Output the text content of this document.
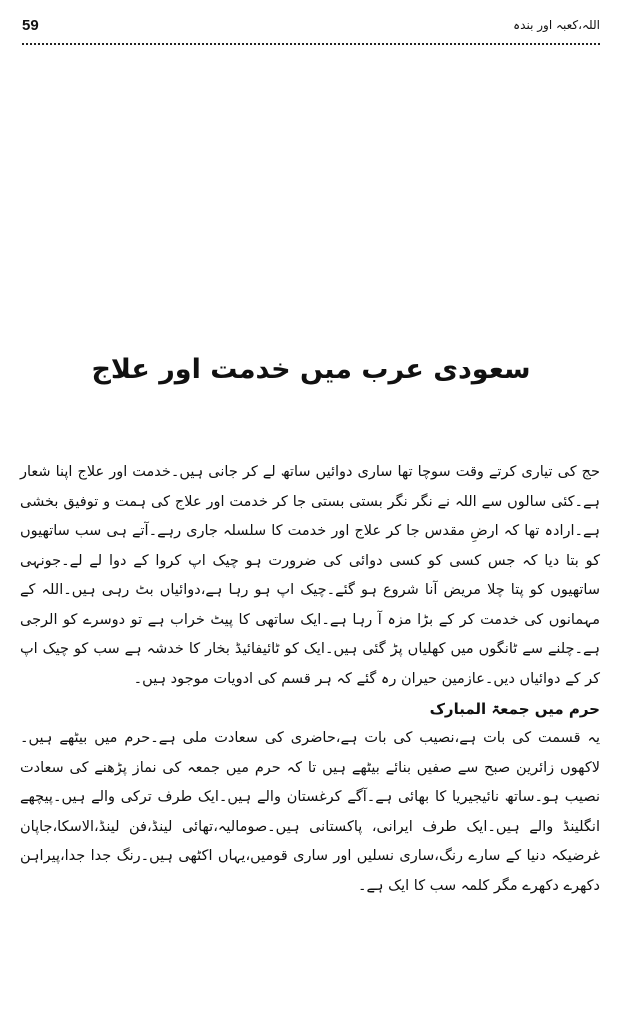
59	اللہ،کعبہ اور بندہ
سعودی عرب میں خدمت اور علاج

حج کی تیاری کرتے وقت سوچا تھا ساری دوائیں ساتھ لے کر جانی ہیں۔خدمت اور علاج اپنا شعار ہے۔کئی سالوں سے اللہ نے نگر نگر بستی بستی جا کر خدمت اور علاج کی ہمت و توفیق بخشی ہے۔ارادہ تھا کہ ارضِ مقدس جا کر علاج اور خدمت کا سلسلہ جاری رہے۔آتے ہی سب ساتھیوں کو بتا دیا کہ جس کسی کو کسی دوائی کی ضرورت ہو چیک اپ کروا کے دوا لے لے۔جونہی ساتھیوں کو پتا چلا مریض آنا شروع ہو گئے۔چیک اپ ہو رہا ہے،دوائیاں بٹ رہی ہیں۔اللہ کے مہمانوں کی خدمت کر کے بڑا مزہ آ رہا ہے۔ایک ساتھی کا پیٹ خراب ہے تو دوسرے کو الرجی ہے۔چلنے سے ٹانگوں میں کھلیاں پڑ گئی ہیں۔ایک کو ٹائیفائیڈ بخار کا خدشہ ہے سب کو چیک اپ کر کے دوائیاں دیں۔عازمین حیران رہ گئے کہ ہر قسم کی ادویات موجود ہیں۔

حرم میں جمعۃ المبارک

یہ قسمت کی بات ہے،نصیب کی بات ہے،حاضری کی سعادت ملی ہے۔حرم میں بیٹھے ہیں۔لاکھوں زائرین صبح سے صفیں بنائے بیٹھے ہیں تا کہ حرم میں جمعہ کی نماز پڑھنے کی سعادت نصیب ہو۔ساتھ نائیجیریا کا بھائی ہے۔آگے کرغستان والے ہیں۔ایک طرف ترکی والے ہیں۔پیچھے انگلینڈ والے ہیں۔ایک طرف ایرانی، پاکستانی ہیں۔صومالیہ،تھائی لینڈ،فن لینڈ،الاسکا،جاپان غرضیکہ دنیا کے سارے رنگ،ساری نسلیں اور ساری قومیں،یہاں اکٹھی ہیں۔رنگ جدا جدا،پیراہن دکھرے دکھرے مگر کلمہ سب کا ایک ہے۔
